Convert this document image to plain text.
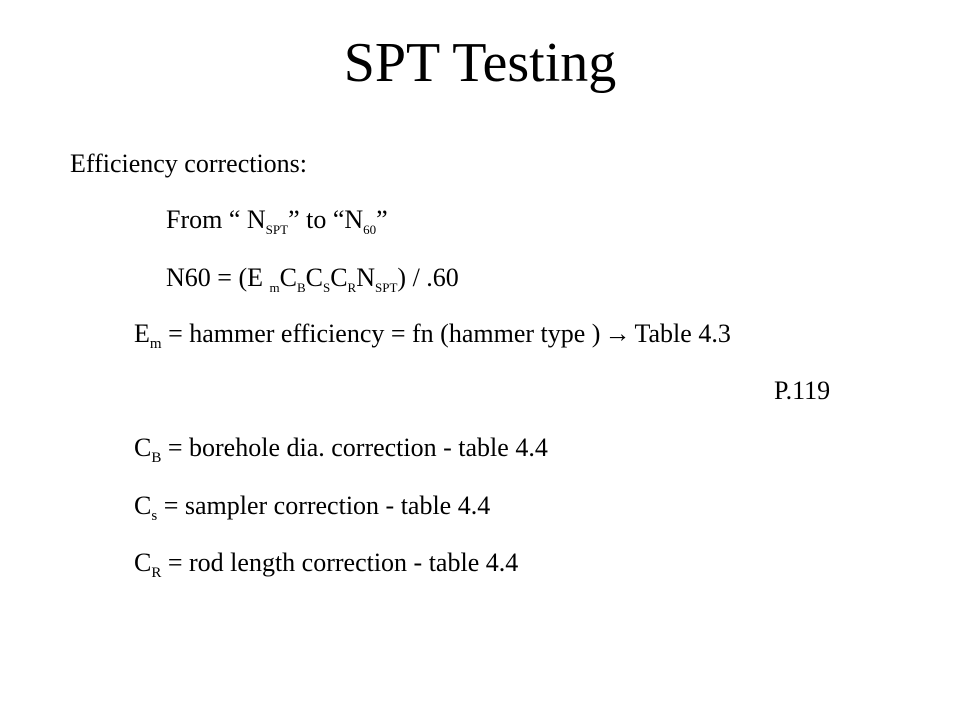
SPT Testing
Efficiency corrections:
From “ $N_{SPT}$” to “$N_{60}$”
N60 = (E $_mC_BC_SC_RN_{SPT}) / .60$
$E_m$ = hammer efficiency = fn (hammer type ) → Table 4.3
P.119
$C_B$ = borehole dia. correction - table 4.4
$C_s$ = sampler correction - table 4.4
$C_R$ = rod length correction - table 4.4
